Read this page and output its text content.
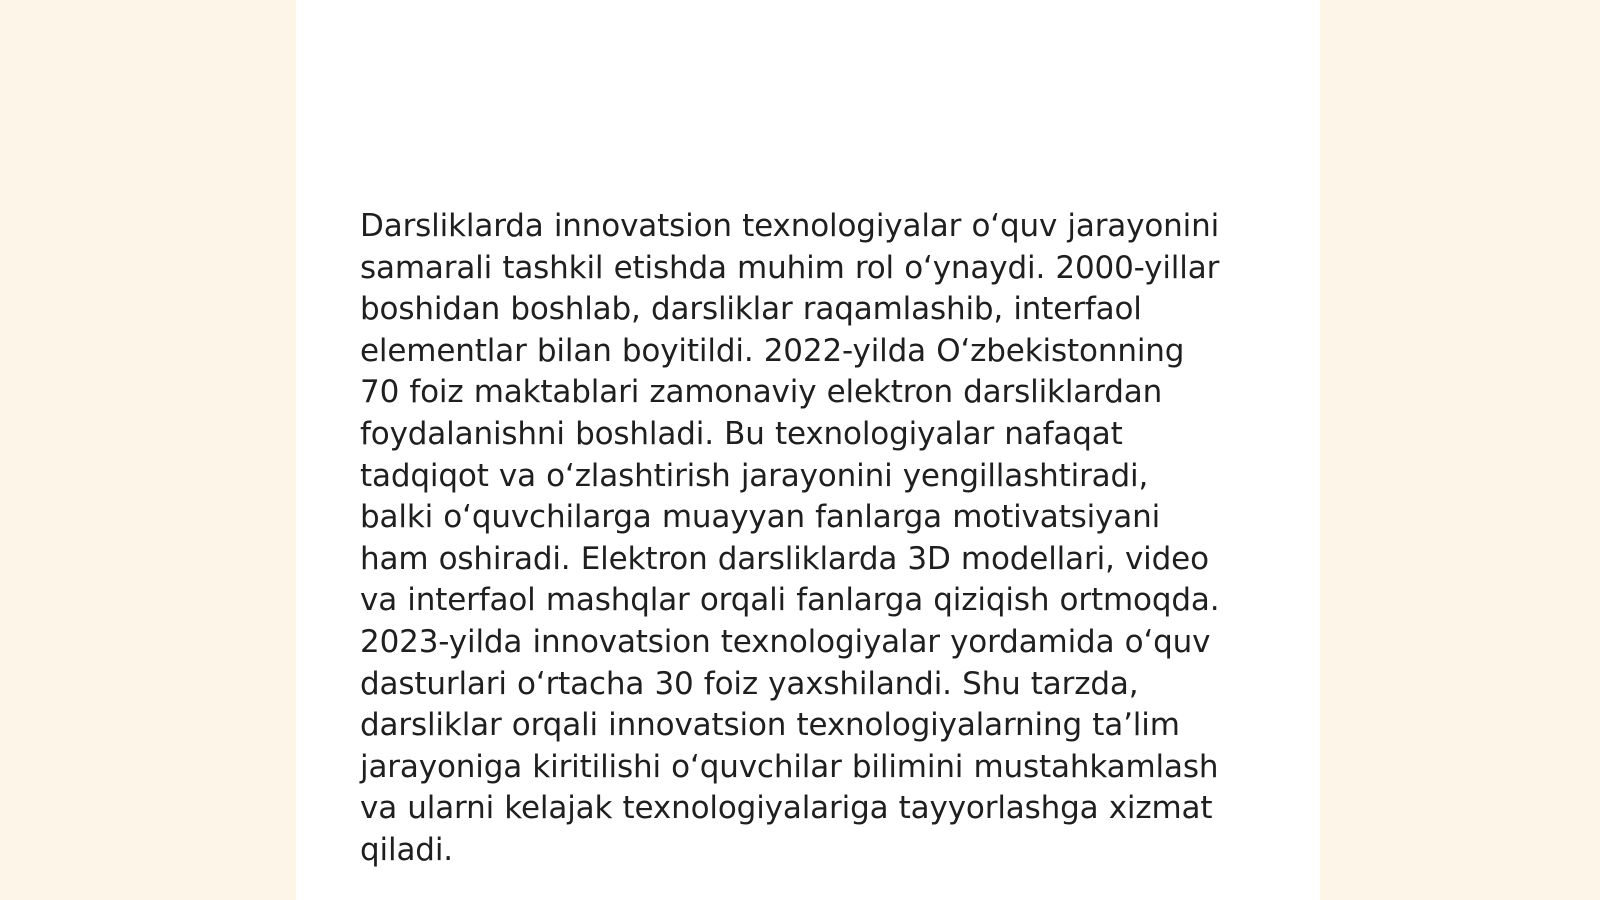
Darsliklarda innovatsion texnologiyalar o‘quv jarayonini samarali tashkil etishda muhim rol o‘ynaydi. 2000-yillar boshidan boshlab, darsliklar raqamlashib, interfaol elementlar bilan boyitildi. 2022-yilda O‘zbekistonning 70 foiz maktablari zamonaviy elektron darsliklardan foydalanishni boshladi. Bu texnologiyalar nafaqat tadqiqot va o‘zlashtirish jarayonini yengillashtiradi, balki o‘quvchilarga muayyan fanlarga motivatsiyani ham oshiradi. Elektron darsliklarda 3D modellari, video va interfaol mashqlar orqali fanlarga qiziqish ortmoqda. 2023-yilda innovatsion texnologiyalar yordamida o‘quv dasturlari o‘rtacha 30 foiz yaxshilandi. Shu tarzda, darsliklar orqali innovatsion texnologiyalarning ta’lim jarayoniga kiritilishi o‘quvchilar bilimini mustahkamlash va ularni kelajak texnologiyalariga tayyorlashga xizmat qiladi.
